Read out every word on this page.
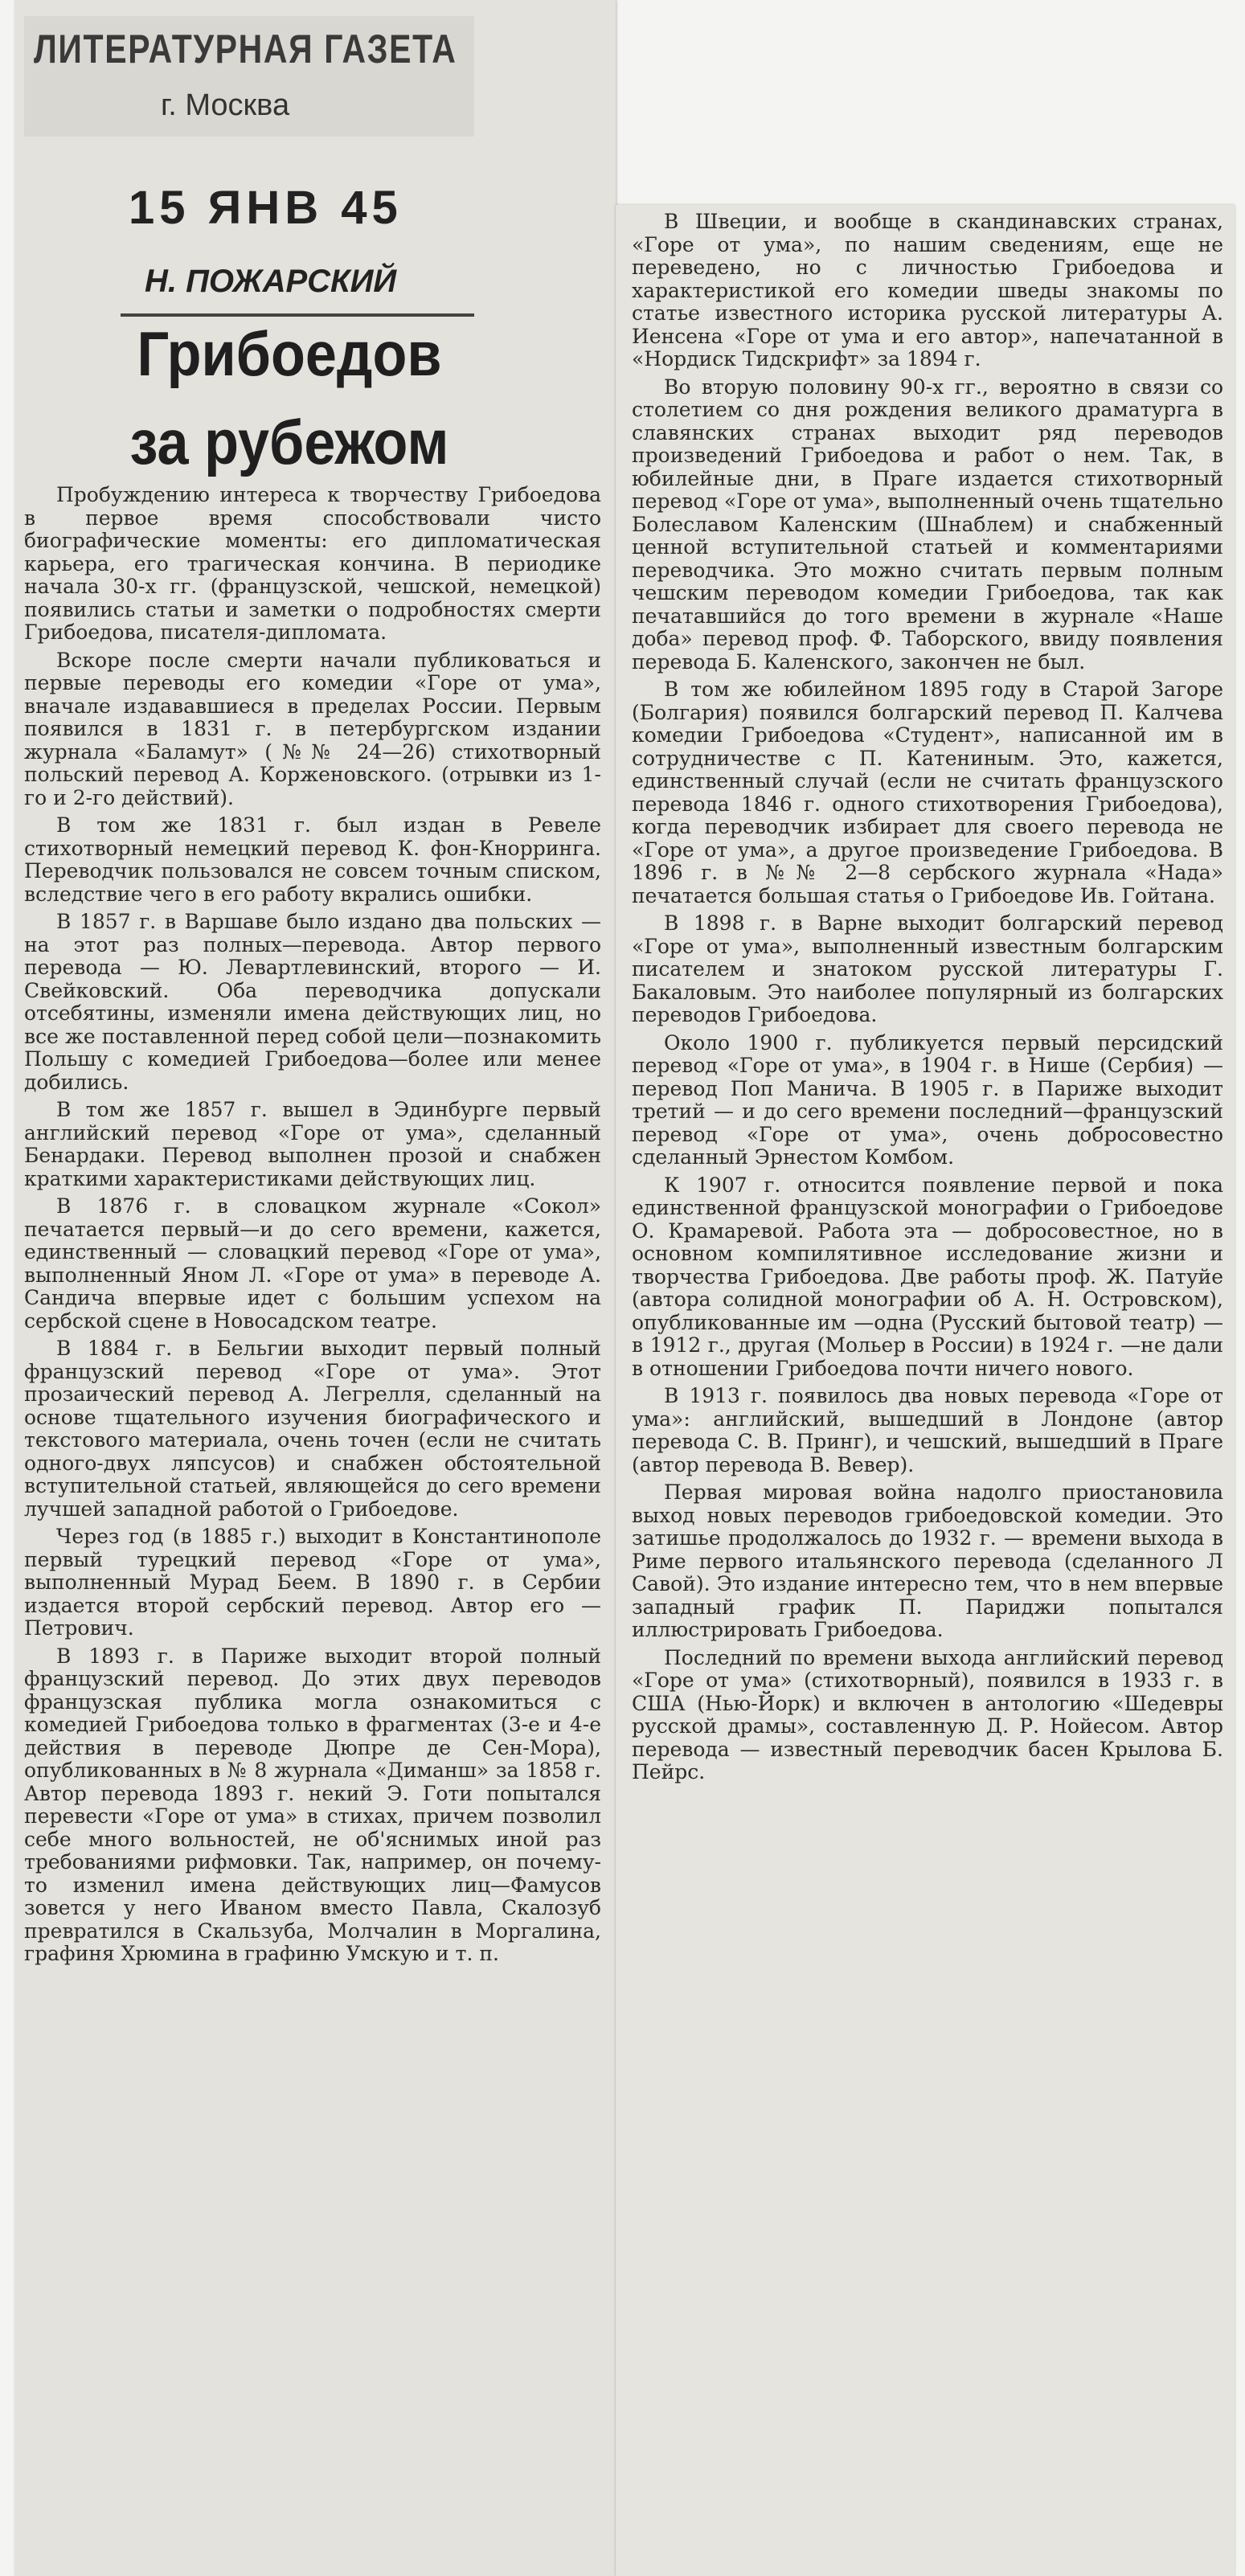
ЛИТЕРАТУРНАЯ ГАЗЕТА
г. Москва
15 ЯНВ 45
Н. ПОЖАРСКИЙ
Грибоедов
за рубежом

Пробуждению интереса к творчеству Грибоедова в первое время способствовали чисто биографические моменты: его дипломатическая карьера, его трагическая кончина. В периодике начала 30-х гг. (французской, чешской, немецкой) появились статьи и заметки о подробностях смерти Грибоедова, писателя-дипломата.

Вскоре после смерти начали публиковаться и первые переводы его комедии «Горе от ума», вначале издававшиеся в пределах России. Первым появился в 1831 г. в петербургском издании журнала «Баламут» (№№ 24—26) стихотворный польский перевод А. Корженовского. (отрывки из 1-го и 2-го действий).

В том же 1831 г. был издан в Ревеле стихотворный немецкий перевод К. фон-Кнорринга. Переводчик пользовался не совсем точным списком, вследствие чего в его работу вкрались ошибки.

В 1857 г. в Варшаве было издано два польских — на этот раз полных—перевода. Автор первого перевода — Ю. Левартлевинский, второго — И. Свейковский. Оба переводчика допускали отсебятины, изменяли имена действующих лиц, но все же поставленной перед собой цели—познакомить Польшу с комедией Грибоедова—более или менее добились.

В том же 1857 г. вышел в Эдинбурге первый английский перевод «Горе от ума», сделанный Бенардаки. Перевод выполнен прозой и снабжен краткими характеристиками действующих лиц.

В 1876 г. в словацком журнале «Сокол» печатается первый—и до сего времени, кажется, единственный — словацкий перевод «Горе от ума», выполненный Яном Л. «Горе от ума» в переводе А. Сандича впервые идет с большим успехом на сербской сцене в Новосадском театре.

В 1884 г. в Бельгии выходит первый полный французский перевод «Горе от ума». Этот прозаический перевод А. Легрелля, сделанный на основе тщательного изучения биографического и текстового материала, очень точен (если не считать одного-двух ляпсусов) и снабжен обстоятельной вступительной статьей, являющейся до сего времени лучшей западной работой о Грибоедове.

Через год (в 1885 г.) выходит в Константинополе первый турецкий перевод «Горе от ума», выполненный Мурад Беем. В 1890 г. в Сербии издается второй сербский перевод. Автор его — Петрович.

В 1893 г. в Париже выходит второй полный французский перевод. До этих двух переводов французская публика могла ознакомиться с комедией Грибоедова только в фрагментах (3-е и 4-е действия в переводе Дюпре де Сен-Мора), опубликованных в № 8 журнала «Диманш» за 1858 г. Автор перевода 1893 г. некий Э. Готи попытался перевести «Горе от ума» в стихах, причем позволил себе много вольностей, не об'яснимых иной раз требованиями рифмовки. Так, например, он почему-то изменил имена действующих лиц—Фамусов зовется у него Иваном вместо Павла, Скалозуб превратился в Скальзуба, Молчалин в Моргалина, графиня Хрюмина в графиню Умскую и т. п.

В Швеции, и вообще в скандинавских странах, «Горе от ума», по нашим сведениям, еще не переведено, но с личностью Грибоедова и характеристикой его комедии шведы знакомы по статье известного историка русской литературы А. Иенсена «Горе от ума и его автор», напечатанной в «Нордиск Тидскрифт» за 1894 г.

Во вторую половину 90-х гг., вероятно в связи со столетием со дня рождения великого драматурга в славянских странах выходит ряд переводов произведений Грибоедова и работ о нем. Так, в юбилейные дни, в Праге издается стихотворный перевод «Горе от ума», выполненный очень тщательно Болеславом Каленским (Шнаблем) и снабженный ценной вступительной статьей и комментариями переводчика. Это можно считать первым полным чешским переводом комедии Грибоедова, так как печатавшийся до того времени в журнале «Наше доба» перевод проф. Ф. Таборского, ввиду появления перевода Б. Каленского, закончен не был.

В том же юбилейном 1895 году в Старой Загоре (Болгария) появился болгарский перевод П. Калчева комедии Грибоедова «Студент», написанной им в сотрудничестве с П. Катениным. Это, кажется, единственный случай (если не считать французского перевода 1846 г. одного стихотворения Грибоедова), когда переводчик избирает для своего перевода не «Горе от ума», а другое произведение Грибоедова. В 1896 г. в №№ 2—8 сербского журнала «Нада» печатается большая статья о Грибоедове Ив. Гойтана.

В 1898 г. в Варне выходит болгарский перевод «Горе от ума», выполненный известным болгарским писателем и знатоком русской литературы Г. Бакаловым. Это наиболее популярный из болгарских переводов Грибоедова.

Около 1900 г. публикуется первый персидский перевод «Горе от ума», в 1904 г. в Нише (Сербия) — перевод Поп Манича. В 1905 г. в Париже выходит третий — и до сего времени последний—французский перевод «Горе от ума», очень добросовестно сделанный Эрнестом Комбом.

К 1907 г. относится появление первой и пока единственной французской монографии о Грибоедове О. Крамаревой. Работа эта — добросовестное, но в основном компилятивное исследование жизни и творчества Грибоедова. Две работы проф. Ж. Патуйе (автора солидной монографии об А. Н. Островском), опубликованные им —одна (Русский бытовой театр) — в 1912 г., другая (Мольер в России) в 1924 г. —не дали в отношении Грибоедова почти ничего нового.

В 1913 г. появилось два новых перевода «Горе от ума»: английский, вышедший в Лондоне (автор перевода С. В. Принг), и чешский, вышедший в Праге (автор перевода В. Вевер).

Первая мировая война надолго приостановила выход новых переводов грибоедовской комедии. Это затишье продолжалось до 1932 г. — времени выхода в Риме первого итальянского перевода (сделанного Л Савой). Это издание интересно тем, что в нем впервые западный график П. Париджи попытался иллюстрировать Грибоедова.

Последний по времени выхода английский перевод «Горе от ума» (стихотворный), появился в 1933 г. в США (Нью-Йорк) и включен в антологию «Шедевры русской драмы», составленную Д. Р. Нойесом. Автор перевода — известный переводчик басен Крылова Б. Пейрс.
